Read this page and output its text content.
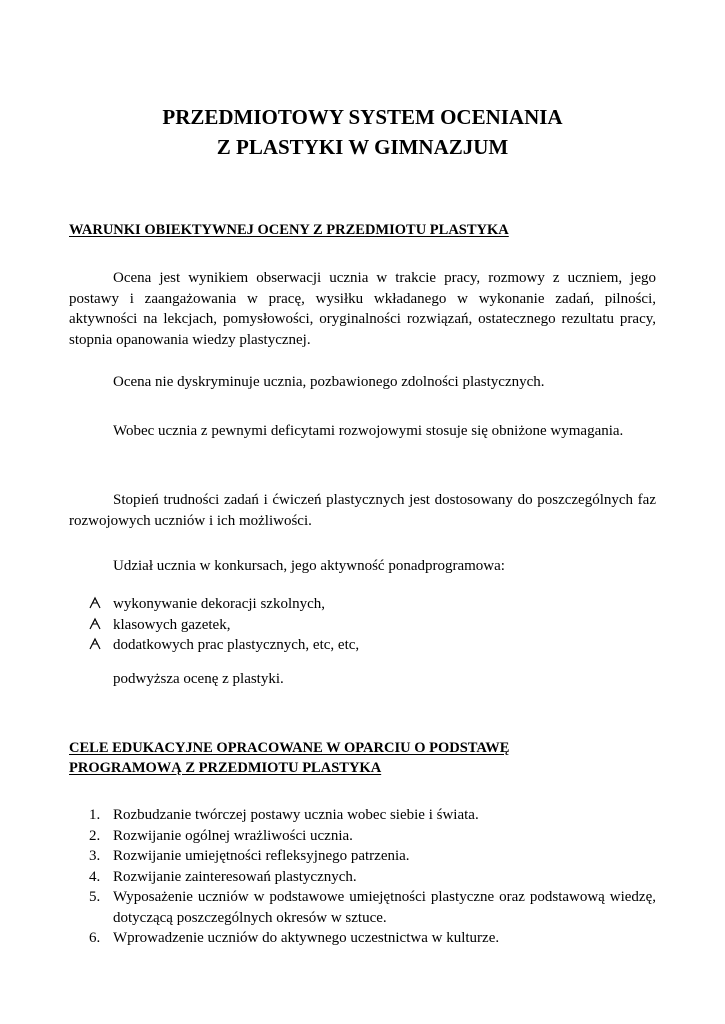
PRZEDMIOTOWY SYSTEM OCENIANIA
Z PLASTYKI W GIMNAZJUM
WARUNKI OBIEKTYWNEJ OCENY Z PRZEDMIOTU PLASTYKA

Ocena jest wynikiem obserwacji ucznia w trakcie pracy, rozmowy z uczniem, jego postawy i zaangażowania w pracę, wysiłku wkładanego w wykonanie zadań, pilności, aktywności na lekcjach, pomysłowości, oryginalności rozwiązań, ostatecznego rezultatu pracy, stopnia opanowania wiedzy plastycznej.

Ocena nie dyskryminuje ucznia, pozbawionego zdolności plastycznych.

Wobec ucznia z pewnymi deficytami rozwojowymi stosuje się obniżone wymagania.

Stopień trudności zadań i ćwiczeń plastycznych jest dostosowany do poszczególnych faz rozwojowych uczniów i ich możliwości.

Udział ucznia w konkursach, jego aktywność ponadprogramowa:

wykonywanie dekoracji szkolnych,
klasowych gazetek,
dodatkowych prac plastycznych, etc, etc,
podwyższa ocenę z plastyki.
CELE EDUKACYJNE OPRACOWANE W OPARCIU O PODSTAWĘ
PROGRAMOWĄ Z PRZEDMIOTU PLASTYKA
1. Rozbudzanie twórczej postawy ucznia wobec siebie i świata.
2. Rozwijanie ogólnej wrażliwości ucznia.
3. Rozwijanie umiejętności refleksyjnego patrzenia.
4. Rozwijanie zainteresowań plastycznych.
5. Wyposażenie uczniów w podstawowe umiejętności plastyczne oraz podstawową wiedzę, dotyczącą poszczególnych okresów w sztuce.
6. Wprowadzenie uczniów do aktywnego uczestnictwa w kulturze.
